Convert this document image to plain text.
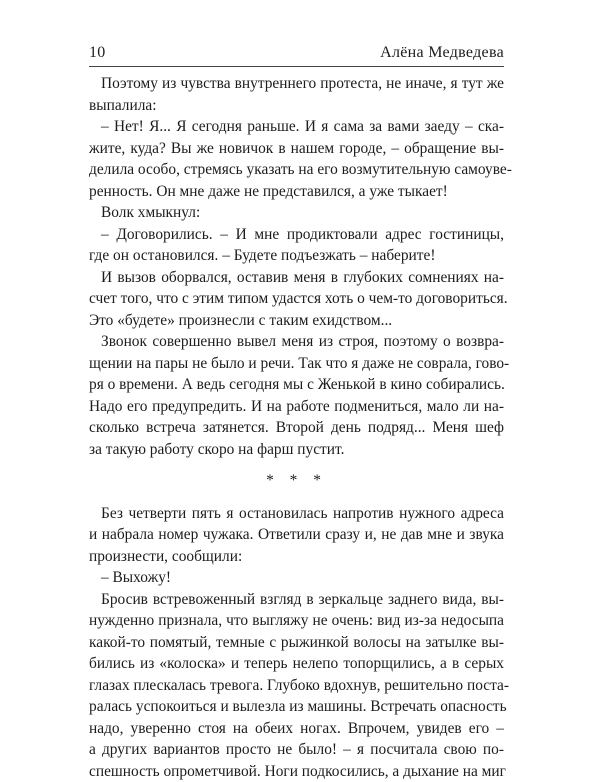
10	Алёна Медведева
Поэтому из чувства внутреннего протеста, не иначе, я тут же
выпалила:
– Нет! Я... Я сегодня раньше. И я сама за вами заеду – ска-
жите, куда? Вы же новичок в нашем городе, – обращение вы-
делила особо, стремясь указать на его возмутительную самоуве-
ренность. Он мне даже не представился, а уже тыкает!
Волк хмыкнул:
– Договорились. – И мне продиктовали адрес гостиницы,
где он остановился. – Будете подъезжать – наберите!
И вызов оборвался, оставив меня в глубоких сомнениях на-
счет того, что с этим типом удастся хоть о чем-то договориться.
Это «будете» произнесли с таким ехидством...
Звонок совершенно вывел меня из строя, поэтому о возвра-
щении на пары не было и речи. Так что я даже не соврала, гово-
ря о времени. А ведь сегодня мы с Женькой в кино собирались.
Надо его предупредить. И на работе подмениться, мало ли на-
сколько встреча затянется. Второй день подряд... Меня шеф
за такую работу скоро на фарш пустит.
* * *
Без четверти пять я остановилась напротив нужного адреса
и набрала номер чужака. Ответили сразу и, не дав мне и звука
произнести, сообщили:
– Выхожу!
Бросив встревоженный взгляд в зеркальце заднего вида, вы-
нужденно признала, что выгляжу не очень: вид из-за недосыпа
какой-то помятый, темные с рыжинкой волосы на затылке вы-
бились из «колоска» и теперь нелепо топорщились, а в серых
глазах плескалась тревога. Глубоко вдохнув, решительно поста-
ралась успокоиться и вылезла из машины. Встречать опасность
надо, уверенно стоя на обеих ногах. Впрочем, увидев его –
а других вариантов просто не было! – я посчитала свою по-
спешность опрометчивой. Ноги подкосились, а дыхание на миг
